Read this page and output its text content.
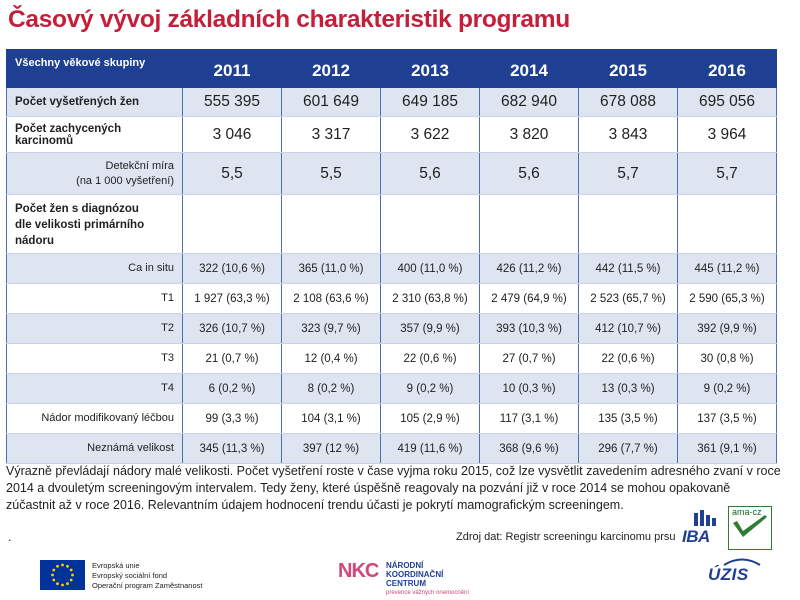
Časový vývoj základních charakteristik programu
Všechny věkové skupiny	2011	2012	2013	2014	2015	2016
Počet vyšetřených žen	555 395	601 649	649 185	682 940	678 088	695 056
Počet zachycených karcinomů	3 046	3 317	3 622	3 820	3 843	3 964

Detekční míra
(na 1 000 vyšetření)	5,5	5,5	5,6	5,6	5,7	5,7

Počet žen s diagnózou
dle velikosti primárního
nádoru						

Ca in situ	322 (10,6 %)	365 (11,0 %)	400 (11,0 %)	426 (11,2 %)	442 (11,5 %)	445 (11,2 %)
T1	1 927 (63,3 %)	2 108 (63,6 %)	2 310 (63,8 %)	2 479 (64,9 %)	2 523 (65,7 %)	2 590 (65,3 %)
T2	326 (10,7 %)	323 (9,7 %)	357 (9,9 %)	393 (10,3 %)	412 (10,7 %)	392 (9,9 %)
T3	21 (0,7 %)	12 (0,4 %)	22 (0,6 %)	27 (0,7 %)	22 (0,6 %)	30 (0,8 %)
T4	6 (0,2 %)	8 (0,2 %)	9 (0,2 %)	10 (0,3 %)	13 (0,3 %)	9 (0,2 %)
Nádor modifikovaný léčbou	99 (3,3 %)	104 (3,1 %)	105 (2,9 %)	117 (3,1 %)	135 (3,5 %)	137 (3,5 %)
Neznámá velikost	345 (11,3 %)	397 (12 %)	419 (11,6 %)	368 (9,6 %)	296 (7,7 %)	361 (9,1 %)
Výrazně převládají nádory malé velikosti. Počet vyšetření roste v čase vyjma roku 2015, což lze vysvětlit zavedením adresného zvaní v roce 2014 a dvouletým screeningovým intervalem. Tedy ženy, které úspěšně reagovaly na pozvání již v roce 2014 se mohou opakovaně zúčastnit až v roce 2016. Relevantním údajem hodnocení trendu účasti je pokrytí mamografickým screeningem.
.	Zdroj dat: Registr screeningu karcinomu prsu IBA
ama-cz
Evropská unie
Evropský sociální fond
Operační program Zaměstnanost
NKC NÁRODNÍ
KOORDINAČNÍ
CENTRUM
prevence vážných onemocnění
ÚZIS
